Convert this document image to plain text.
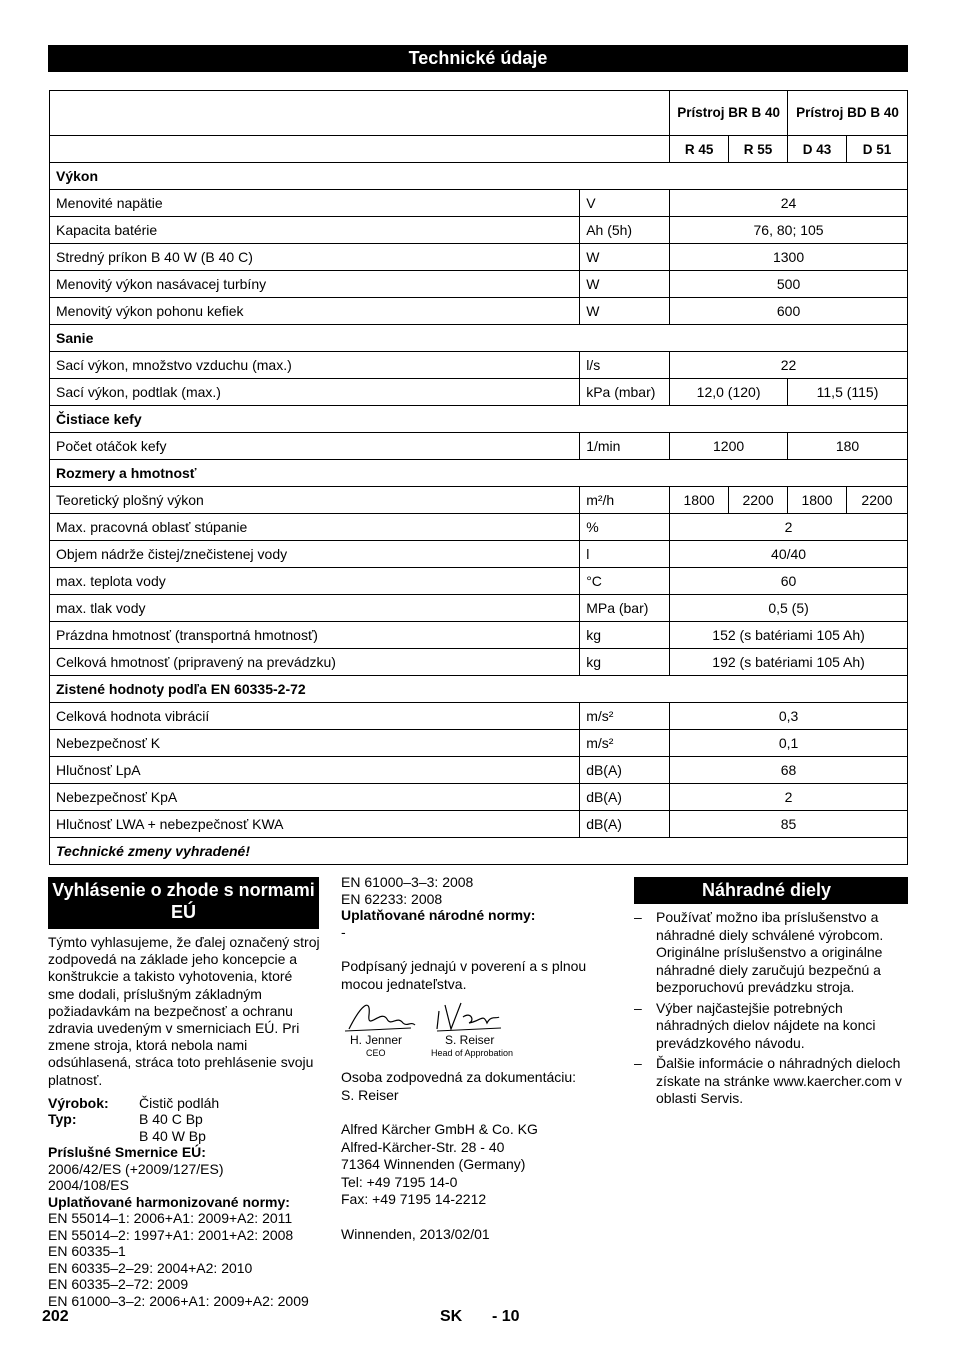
Technické údaje
		Prístroj BR B 40		Prístroj BD B 40	
		R 45	R 55	D 43	D 51
Výkon					
Menovité napätie	V	24			
Kapacita batérie	Ah (5h)	76, 80; 105			
Stredný príkon B 40 W (B 40 C)	W	1300			
Menovitý výkon nasávacej turbíny	W	500			
Menovitý výkon pohonu kefiek	W	600			
Sanie					
Sací výkon, množstvo vzduchu (max.)	l/s	22			
Sací výkon, podtlak (max.)	kPa (mbar)	12,0 (120)		11,5 (115)	
Čistiace kefy					
Počet otáčok kefy	1/min	1200		180	
Rozmery a hmotnosť					
Teoretický plošný výkon	m²/h	1800	2200	1800	2200
Max. pracovná oblasť stúpanie	%	2			
Objem nádrže čistej/znečistenej vody	l	40/40			
max. teplota vody	°C	60			
max. tlak vody	MPa (bar)	0,5 (5)			
Prázdna hmotnosť (transportná hmotnosť)	kg	152 (s batériami 105 Ah)			
Celková hmotnosť (pripravený na prevádzku)	kg	192 (s batériami 105 Ah)			
Zistené hodnoty podľa EN 60335-2-72					
Celková hodnota vibrácií	m/s²	0,3			
Nebezpečnosť K	m/s²	0,1			
Hlučnosť LpA	dB(A)	68			
Nebezpečnosť KpA	dB(A)	2			
Hlučnosť LWA + nebezpečnosť KWA	dB(A)	85			
Technické zmeny vyhradené!					
Vyhlásenie o zhode s normami EÚ
Týmto vyhlasujeme, že ďalej označený stroj zodpovedá na základe jeho koncepcie a konštrukcie a takisto vyhotovenia, ktoré sme dodali, príslušným základným požiadavkám na bezpečnosť a ochranu zdravia uvedeným v smerniciach EÚ. Pri zmene stroja, ktorá nebola nami odsúhlasená, stráca toto prehlásenie svoju platnosť.
Výrobok:	Čistič podláh
Typ:	B 40 C Bp
B 40 W Bp
Príslušné Smernice EÚ:
2006/42/ES (+2009/127/ES)
2004/108/ES
Uplatňované harmonizované normy:
EN 55014–1: 2006+A1: 2009+A2: 2011
EN 55014–2: 1997+A1: 2001+A2: 2008
EN 60335–1
EN 60335–2–29: 2004+A2: 2010
EN 60335–2–72: 2009
EN 61000–3–2: 2006+A1: 2009+A2: 2009
EN 61000–3–3: 2008
EN 62233: 2008
Uplatňované národné normy:
-
Podpísaný jednajú v poverení a s plnou mocou jednateľstva.
H. Jenner
CEO
S. Reiser
Head of Approbation
Osoba zodpovedná za dokumentáciu:
S. Reiser
Alfred Kärcher GmbH & Co. KG
Alfred-Kärcher-Str. 28 - 40
71364 Winnenden (Germany)
Tel: +49 7195 14-0
Fax: +49 7195 14-2212
Winnenden, 2013/02/01
Náhradné diely
– Používať možno iba príslušenstvo a náhradné diely schválené výrobcom. Originálne príslušenstvo a originálne náhradné diely zaručujú bezpečnú a bezporuchovú prevádzku stroja.
– Výber najčastejšie potrebných náhradných dielov nájdete na konci prevádzkového návodu.
– Ďalšie informácie o náhradných dieloch získate na stránke www.kaercher.com v oblasti Servis.
202	SK - 10
